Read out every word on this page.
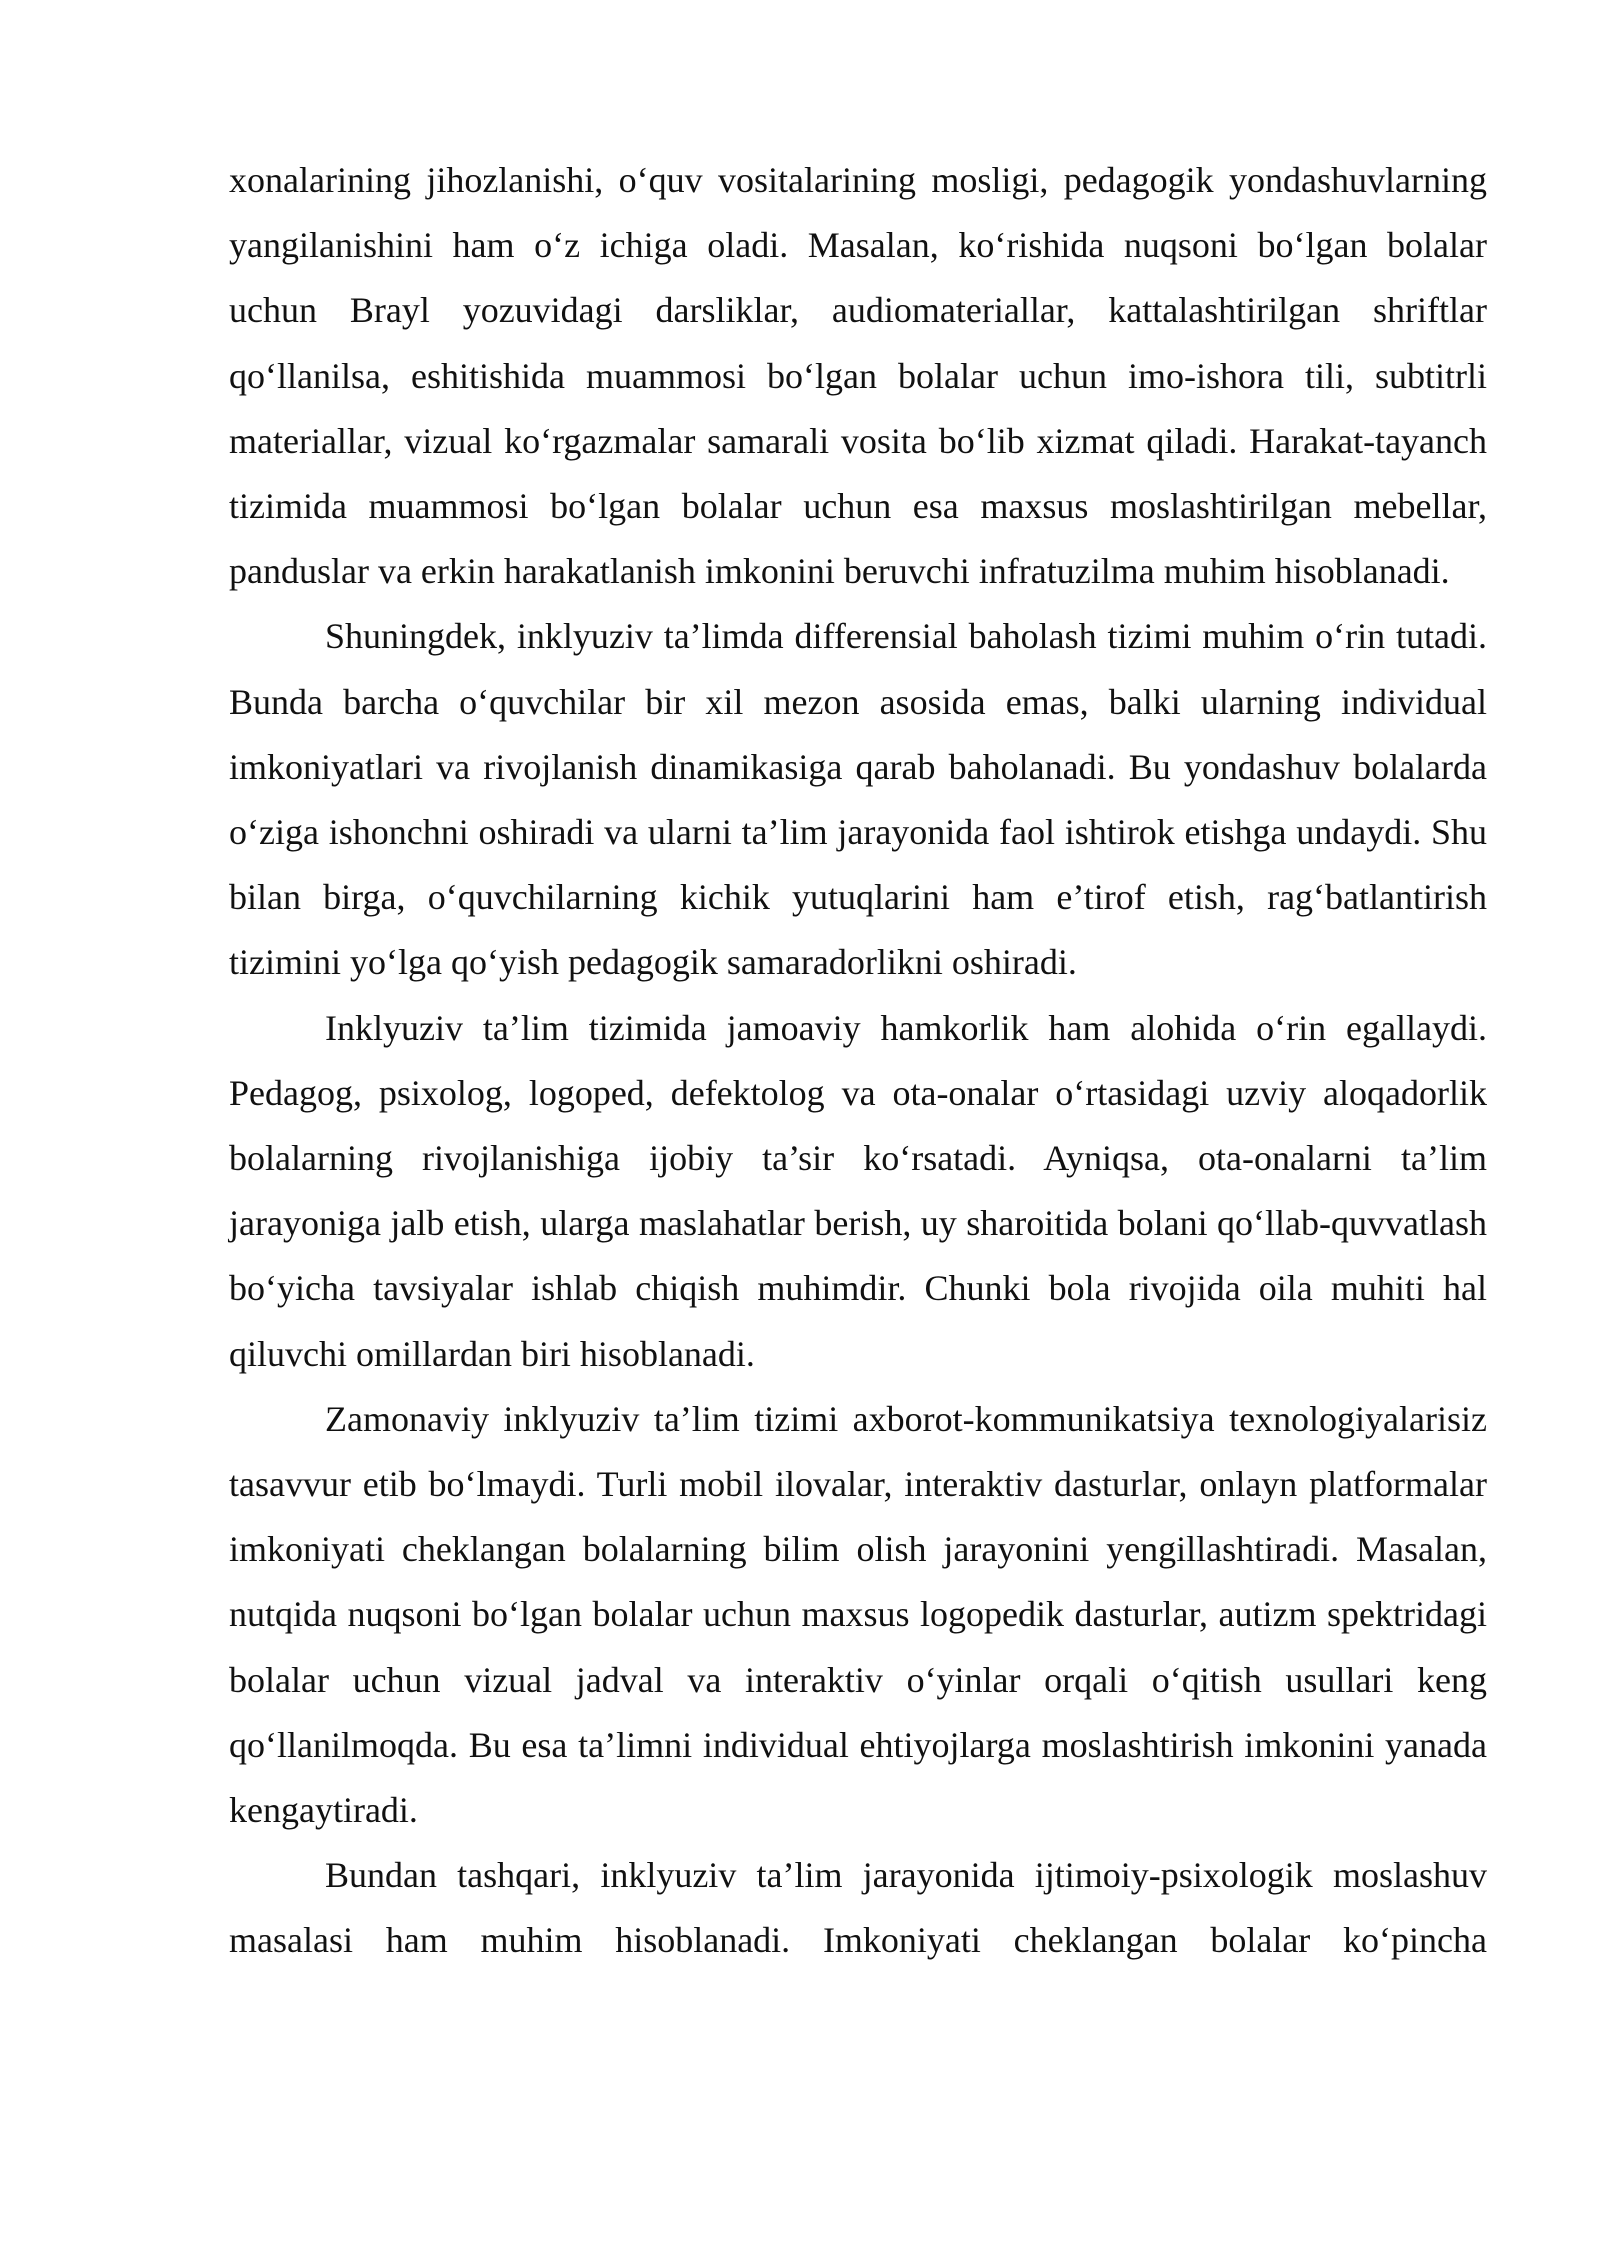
xonalarining jihozlanishi, o‘quv vositalarining mosligi, pedagogik yondashuvlarning yangilanishini ham o‘z ichiga oladi. Masalan, ko‘rishida nuqsoni bo‘lgan bolalar uchun Brayl yozuvidagi darsliklar, audiomateriallar, kattalashtirilgan shriftlar qo‘llanilsa, eshitishida muammosi bo‘lgan bolalar uchun imo-ishora tili, subtitrli materiallar, vizual ko‘rgazmalar samarali vosita bo‘lib xizmat qiladi. Harakat-tayanch tizimida muammosi bo‘lgan bolalar uchun esa maxsus moslashtirilgan mebellar, panduslar va erkin harakatlanish imkonini beruvchi infratuzilma muhim hisoblanadi.

Shuningdek, inklyuziv ta’limda differensial baholash tizimi muhim o‘rin tutadi. Bunda barcha o‘quvchilar bir xil mezon asosida emas, balki ularning individual imkoniyatlari va rivojlanish dinamikasiga qarab baholanadi. Bu yondashuv bolalarda o‘ziga ishonchni oshiradi va ularni ta’lim jarayonida faol ishtirok etishga undaydi. Shu bilan birga, o‘quvchilarning kichik yutuqlarini ham e’tirof etish, rag‘batlantirish tizimini yo‘lga qo‘yish pedagogik samaradorlikni oshiradi.

Inklyuziv ta’lim tizimida jamoaviy hamkorlik ham alohida o‘rin egallaydi. Pedagog, psixolog, logoped, defektolog va ota-onalar o‘rtasidagi uzviy aloqadorlik bolalarning rivojlanishiga ijobiy ta’sir ko‘rsatadi. Ayniqsa, ota-onalarni ta’lim jarayoniga jalb etish, ularga maslahatlar berish, uy sharoitida bolani qo‘llab-quvvatlash bo‘yicha tavsiyalar ishlab chiqish muhimdir. Chunki bola rivojida oila muhiti hal qiluvchi omillardan biri hisoblanadi.

Zamonaviy inklyuziv ta’lim tizimi axborot-kommunikatsiya texnologiyalarisiz tasavvur etib bo‘lmaydi. Turli mobil ilovalar, interaktiv dasturlar, onlayn platformalar imkoniyati cheklangan bolalarning bilim olish jarayonini yengillashtiradi. Masalan, nutqida nuqsoni bo‘lgan bolalar uchun maxsus logopedik dasturlar, autizm spektridagi bolalar uchun vizual jadval va interaktiv o‘yinlar orqali o‘qitish usullari keng qo‘llanilmoqda. Bu esa ta’limni individual ehtiyojlarga moslashtirish imkonini yanada kengaytiradi.

Bundan tashqari, inklyuziv ta’lim jarayonida ijtimoiy-psixologik moslashuv masalasi ham muhim hisoblanadi. Imkoniyati cheklangan bolalar ko‘pincha
